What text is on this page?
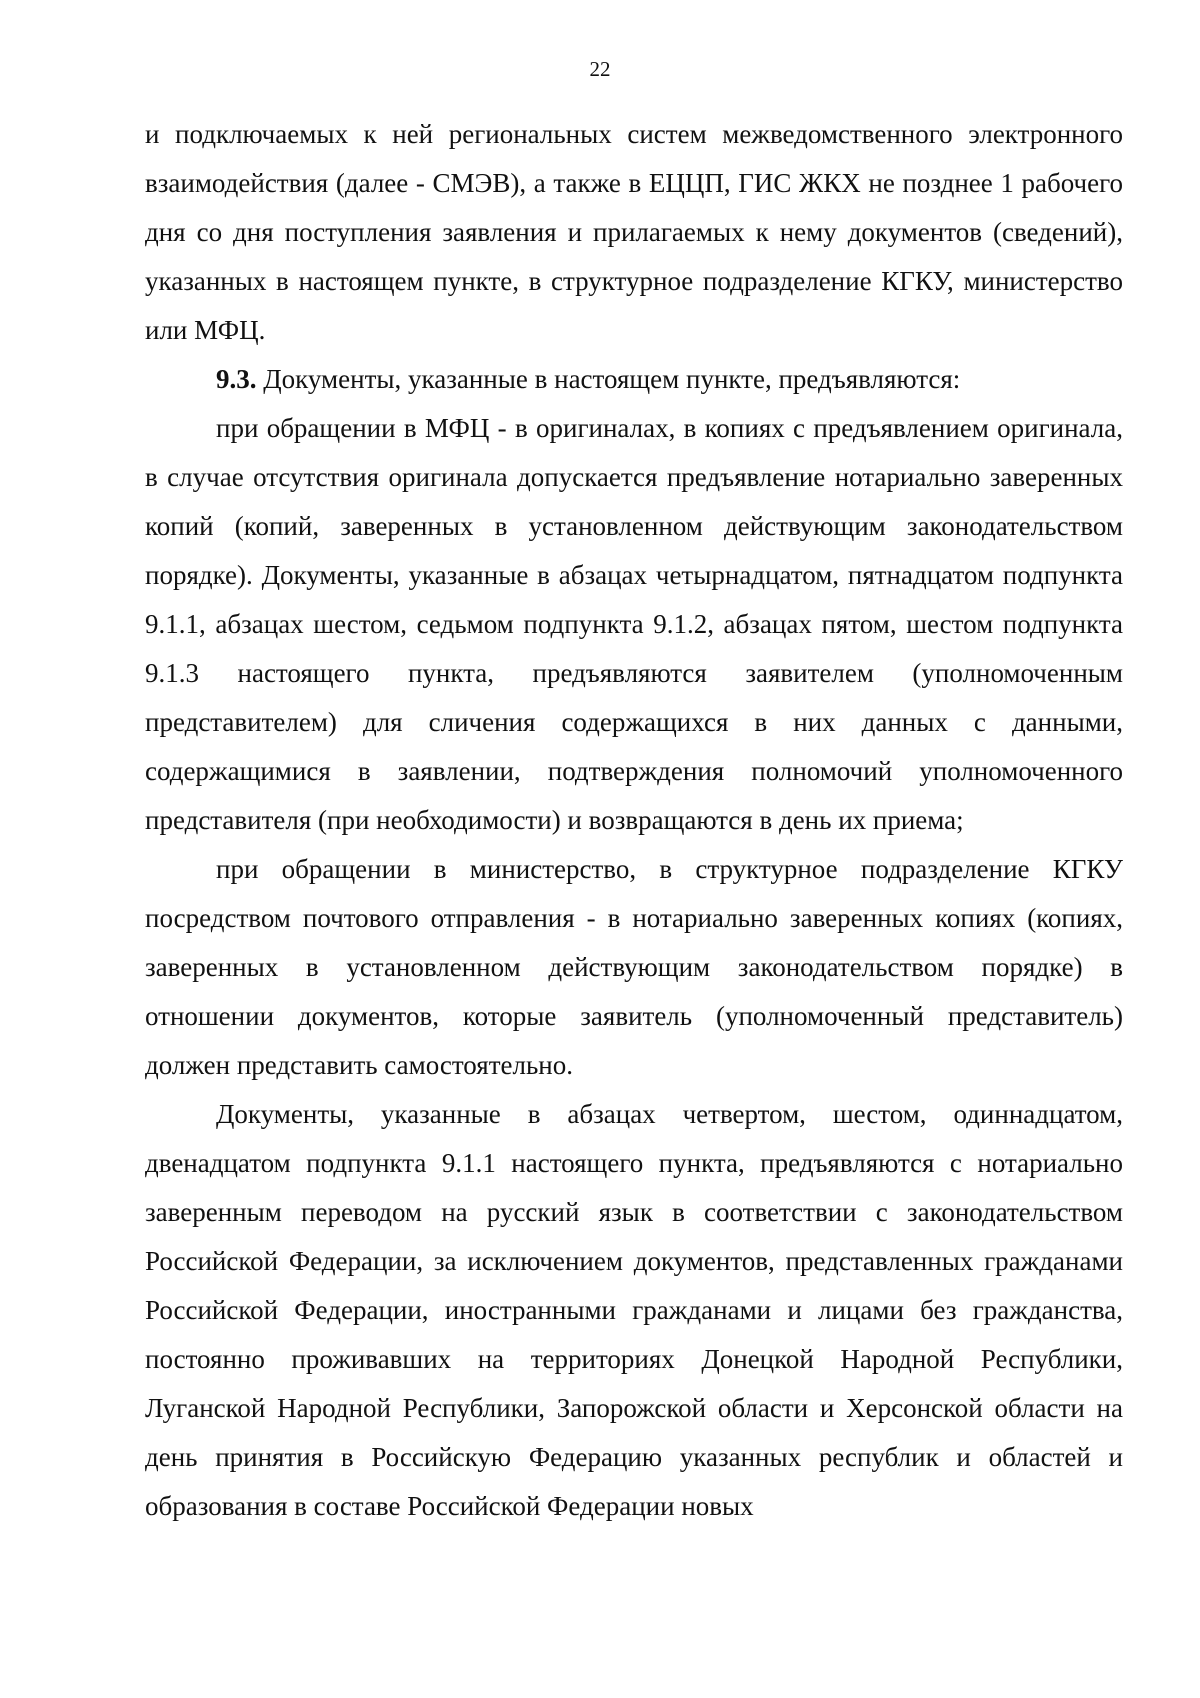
22

и подключаемых к ней региональных систем межведомственного электронного взаимодействия (далее - СМЭВ), а также в ЕЦЦП, ГИС ЖКХ не позднее 1 рабочего дня со дня поступления заявления и прилагаемых к нему документов (сведений), указанных в настоящем пункте, в структурное подразделение КГКУ, министерство или МФЦ.

9.3. Документы, указанные в настоящем пункте, предъявляются:

при обращении в МФЦ - в оригиналах, в копиях с предъявлением оригинала, в случае отсутствия оригинала допускается предъявление нотариально заверенных копий (копий, заверенных в установленном действующим законодательством порядке). Документы, указанные в абзацах четырнадцатом, пятнадцатом подпункта 9.1.1, абзацах шестом, седьмом подпункта 9.1.2, абзацах пятом, шестом подпункта 9.1.3 настоящего пункта, предъявляются заявителем (уполномоченным представителем) для сличения содержащихся в них данных с данными, содержащимися в заявлении, подтверждения полномочий уполномоченного представителя (при необходимости) и возвращаются в день их приема;

при обращении в министерство, в структурное подразделение КГКУ посредством почтового отправления - в нотариально заверенных копиях (копиях, заверенных в установленном действующим законодательством порядке) в отношении документов, которые заявитель (уполномоченный представитель) должен представить самостоятельно.

Документы, указанные в абзацах четвертом, шестом, одиннадцатом, двенадцатом подпункта 9.1.1 настоящего пункта, предъявляются с нотариально заверенным переводом на русский язык в соответствии с законодательством Российской Федерации, за исключением документов, представленных гражданами Российской Федерации, иностранными гражданами и лицами без гражданства, постоянно проживавших на территориях Донецкой Народной Республики, Луганской Народной Республики, Запорожской области и Херсонской области на день принятия в Российскую Федерацию указанных республик и областей и образования в составе Российской Федерации новых
